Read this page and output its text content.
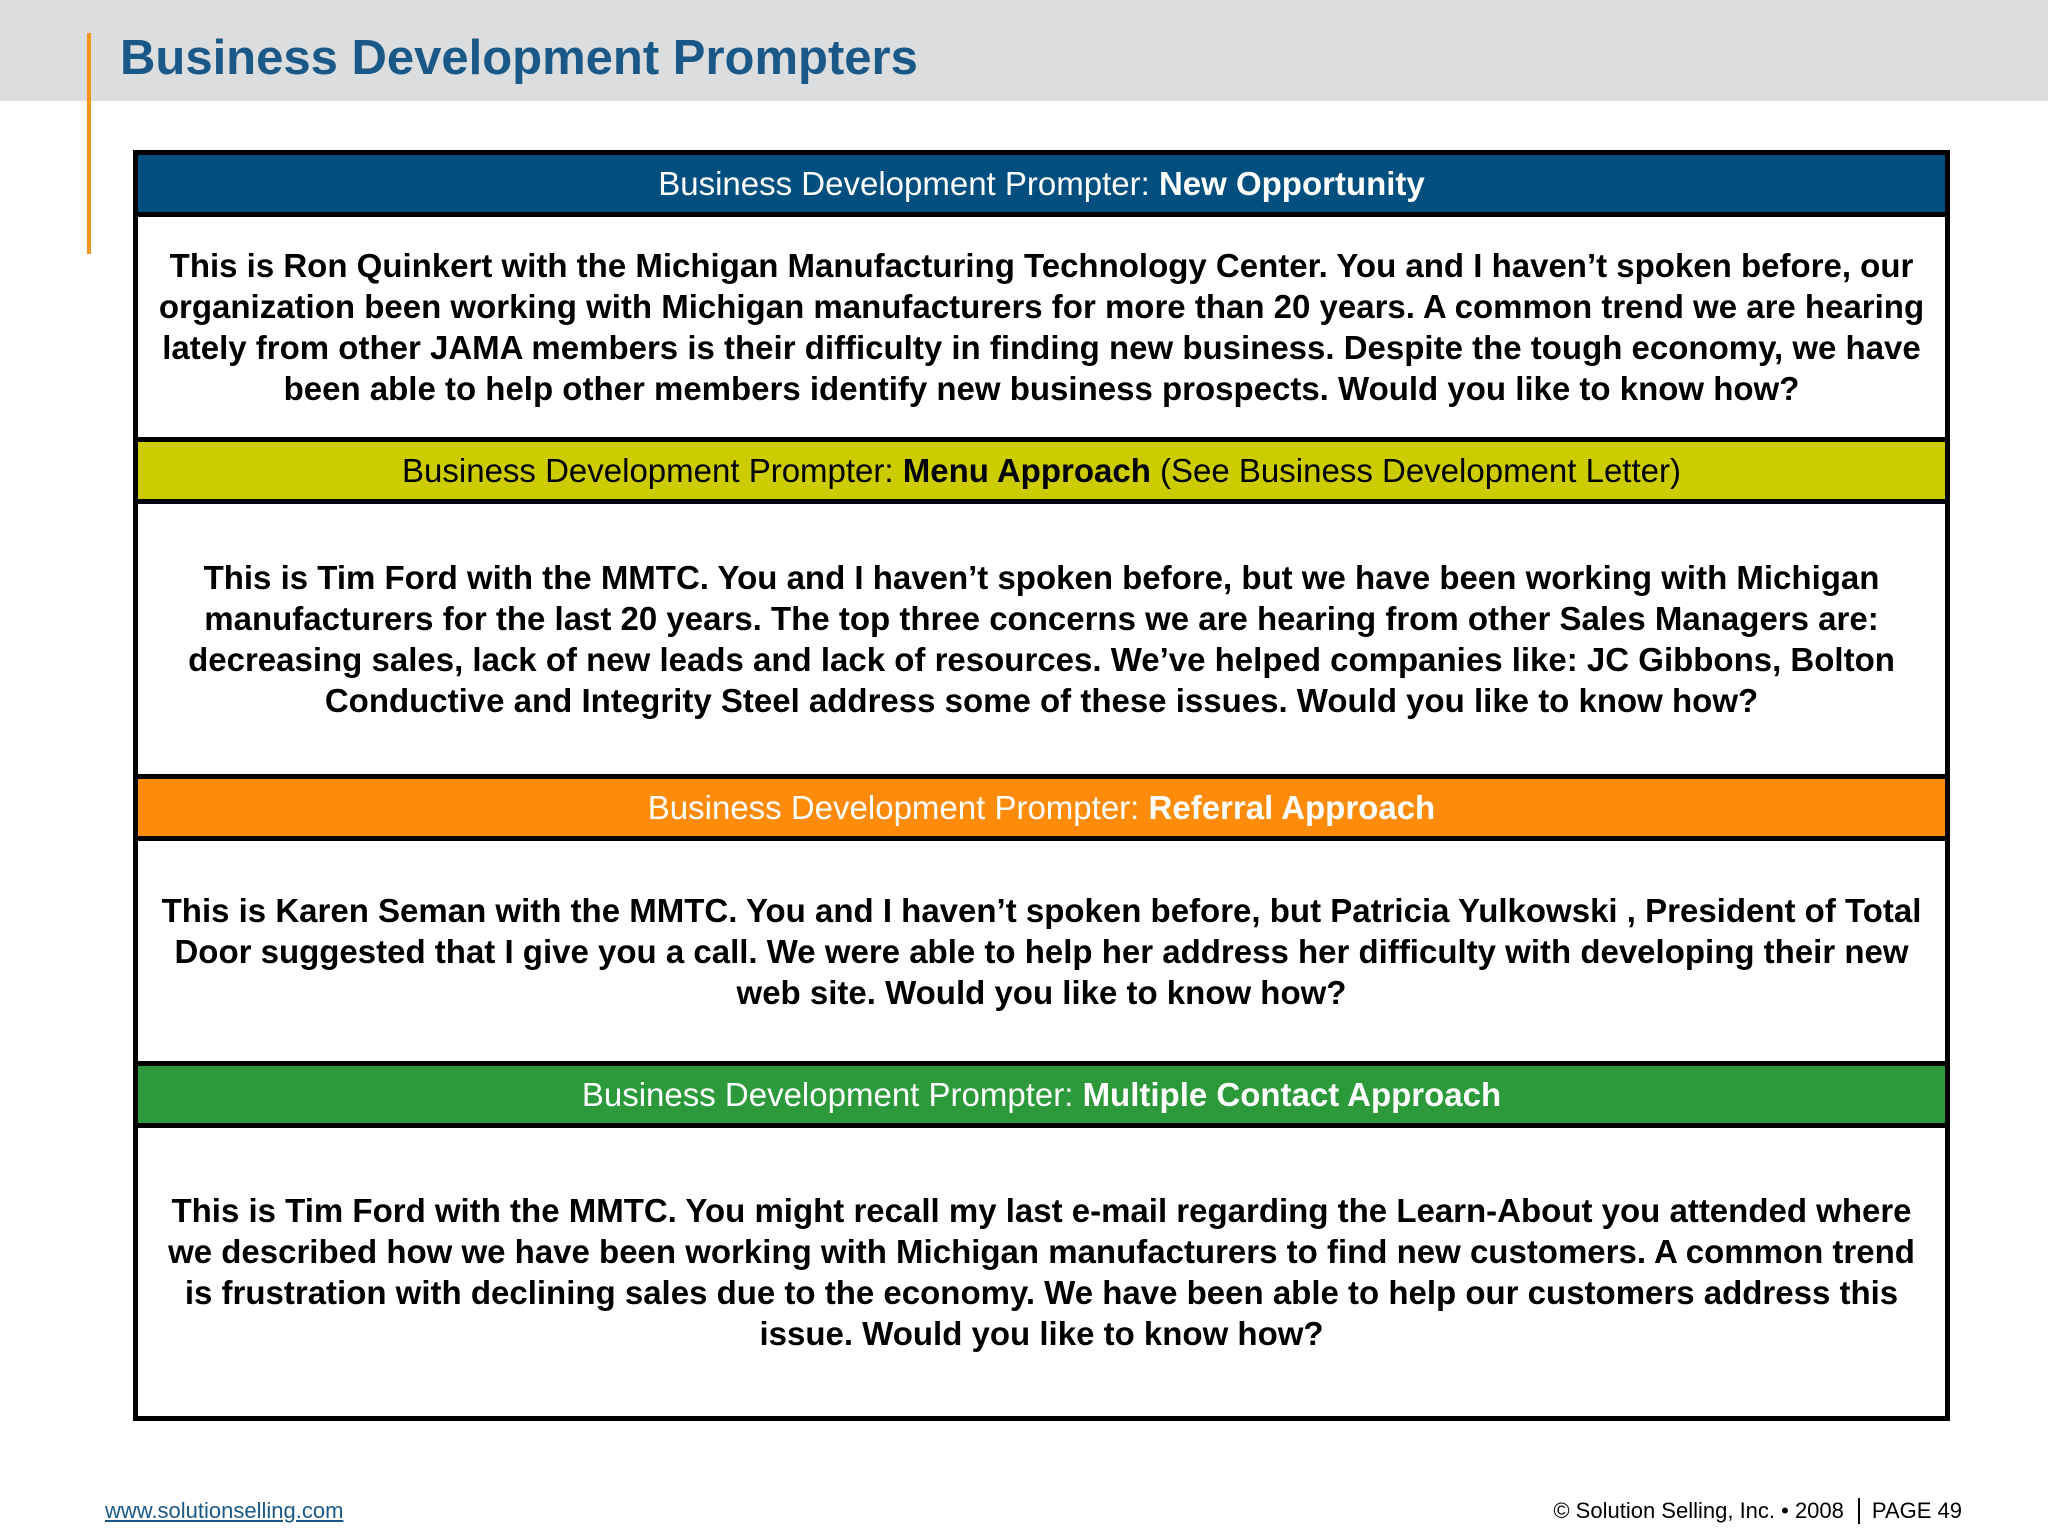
Business Development Prompters
Business Development Prompter:
New Opportunity
This is Ron Quinkert with the Michigan Manufacturing Technology Center. You and I haven’t spoken before, our organization been working with Michigan manufacturers for more than 20 years. A common trend we are hearing lately from other JAMA members is their difficulty in finding new business. Despite the tough economy, we have been able to help other members identify new business prospects. Would you like to know how?
Business Development Prompter:
Menu Approach
(See Business Development Letter)
This is Tim Ford with the MMTC. You and I haven’t spoken before, but we have been working with Michigan manufacturers for the last 20 years. The top three concerns we are hearing from other Sales Managers are: decreasing sales, lack of new leads and lack of resources. We’ve helped companies like: JC Gibbons, Bolton Conductive and Integrity Steel address some of these issues. Would you like to know how?
Business Development Prompter:
Referral Approach
This is Karen Seman with the MMTC. You and I haven’t spoken before, but Patricia Yulkowski , President of Total Door suggested that I give you a call. We were able to help her address her difficulty with developing their new web site. Would you like to know how?
Business Development Prompter:
Multiple Contact Approach
This is Tim Ford with the MMTC. You might recall my last e-mail regarding the Learn-About you attended where we described how we have been working with Michigan manufacturers to find new customers. A common trend is frustration with declining sales due to the economy. We have been able to help our customers address this issue. Would you like to know how?
www.solutionselling.com	© Solution Selling, Inc. • 2008 PAGE 49
